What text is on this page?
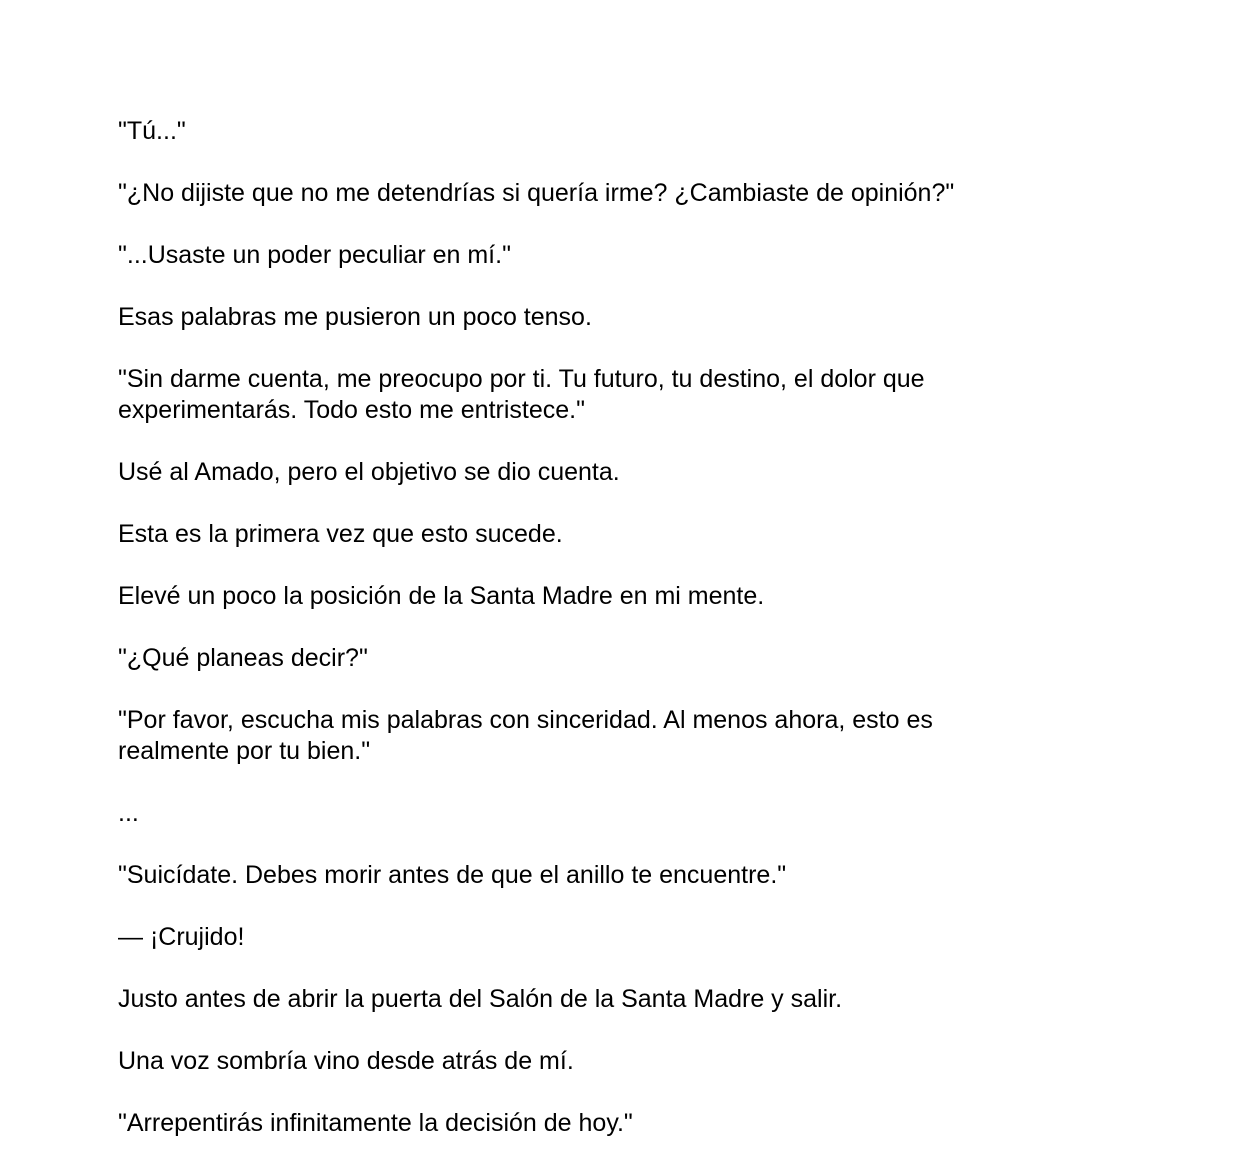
"Tú..."

"¿No dijiste que no me detendrías si quería irme? ¿Cambiaste de opinión?"

"...Usaste un poder peculiar en mí."

Esas palabras me pusieron un poco tenso.

"Sin darme cuenta, me preocupo por ti. Tu futuro, tu destino, el dolor que experimentarás. Todo esto me entristece."

Usé al Amado, pero el objetivo se dio cuenta.

Esta es la primera vez que esto sucede.

Elevé un poco la posición de la Santa Madre en mi mente.

"¿Qué planeas decir?"

"Por favor, escucha mis palabras con sinceridad. Al menos ahora, esto es realmente por tu bien."

...

"Suicídate. Debes morir antes de que el anillo te encuentre."

— ¡Crujido!

Justo antes de abrir la puerta del Salón de la Santa Madre y salir.

Una voz sombría vino desde atrás de mí.

"Arrepentirás infinitamente la decisión de hoy."
